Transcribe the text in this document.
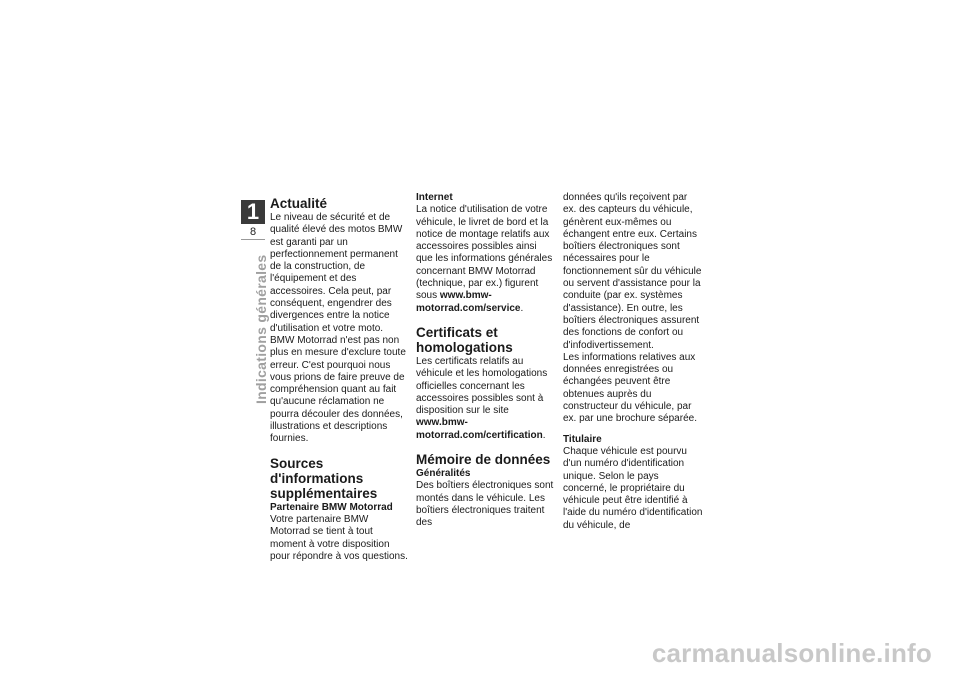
1
8
Indications générales
Actualité

Le niveau de sécurité et de qualité élevé des motos BMW est garanti par un perfectionnement permanent de la construction, de l'équipement et des accessoires. Cela peut, par conséquent, engendrer des divergences entre la notice d'utilisation et votre moto. BMW Motorrad n'est pas non plus en mesure d'exclure toute erreur. C'est pourquoi nous vous prions de faire preuve de compréhension quant au fait qu'aucune réclamation ne pourra découler des données, illustrations et descriptions fournies.

Sources d'informations supplémentaires
Partenaire BMW Motorrad

Votre partenaire BMW Motorrad se tient à tout moment à votre disposition pour répondre à vos questions.

Internet

La notice d'utilisation de votre véhicule, le livret de bord et la notice de montage relatifs aux accessoires possibles ainsi que les informations générales concernant BMW Motorrad (technique, par ex.) figurent sous www.bmw-motorrad.com/service.

Certificats et homologations

Les certificats relatifs au véhicule et les homologations officielles concernant les accessoires possibles sont à disposition sur le site www.bmw-motorrad.com/certification.

Mémoire de données
Généralités

Des boîtiers électroniques sont montés dans le véhicule. Les boîtiers électroniques traitent des

données qu'ils reçoivent par ex. des capteurs du véhicule, génèrent eux-mêmes ou échangent entre eux. Certains boîtiers électroniques sont nécessaires pour le fonctionnement sûr du véhicule ou servent d'assistance pour la conduite (par ex. systèmes d'assistance). En outre, les boîtiers électroniques assurent des fonctions de confort ou d'infodivertissement.

Les informations relatives aux données enregistrées ou échangées peuvent être obtenues auprès du constructeur du véhicule, par ex. par une brochure séparée.

Titulaire

Chaque véhicule est pourvu d'un numéro d'identification unique. Selon le pays concerné, le propriétaire du véhicule peut être identifié à l'aide du numéro d'identification du véhicule, de

carmanualsonline.info
